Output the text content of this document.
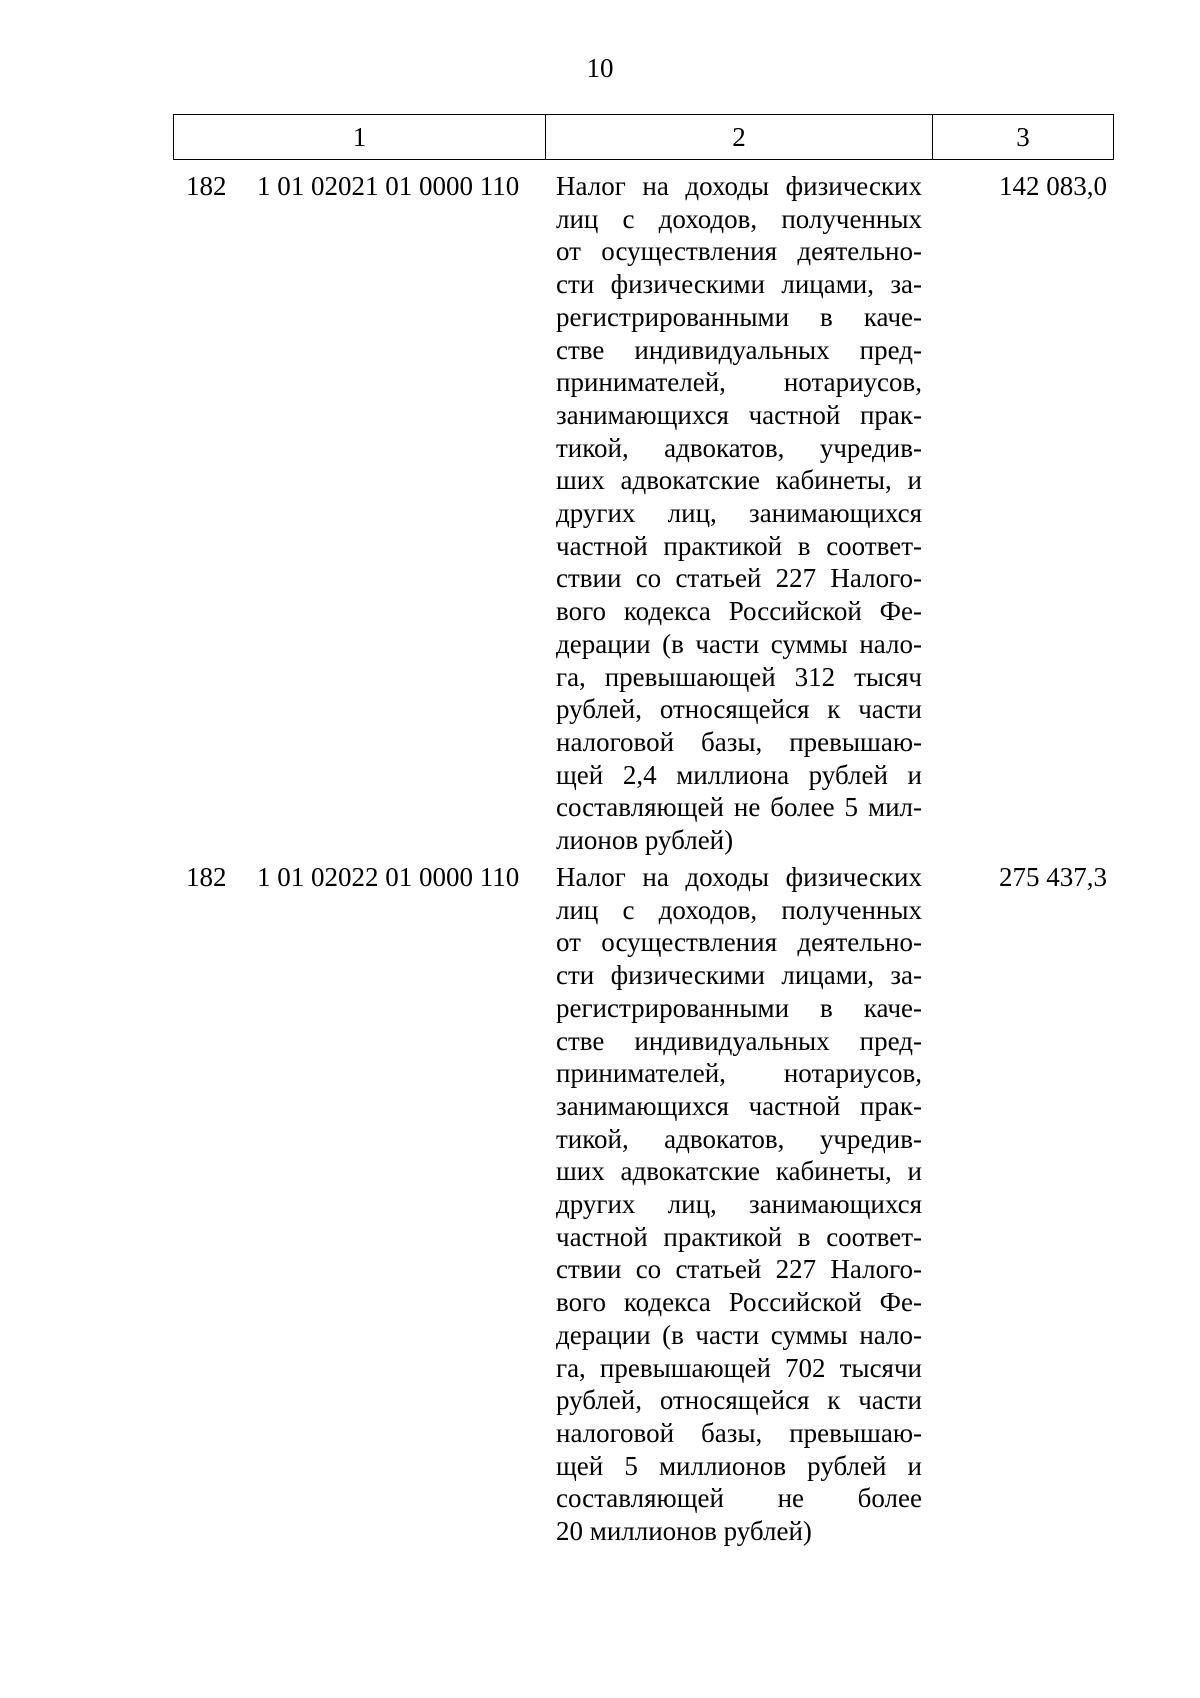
10
1	2	3
182 1 01 02021 01 0000 110 Налог на доходы физических
лиц с доходов, полученных
от осуществления деятельно-
сти физическими лицами, за-
регистрированными в каче-
стве индивидуальных пред-
принимателей, нотариусов,
занимающихся частной прак-
тикой, адвокатов, учредив-
ших адвокатские кабинеты, и
других лиц, занимающихся
частной практикой в соответ-
ствии со статьей 227 Налого-
вого кодекса Российской Фе-
дерации (в части суммы нало-
га, превышающей 312 тысяч
рублей, относящейся к части
налоговой базы, превышаю-
щей 2,4 миллиона рублей и
составляющей не более 5 мил-
лионов рублей)
142 083,0
182 1 01 02022 01 0000 110 Налог на доходы физических
лиц с доходов, полученных
от осуществления деятельно-
сти физическими лицами, за-
регистрированными в каче-
стве индивидуальных пред-
принимателей, нотариусов,
занимающихся частной прак-
тикой, адвокатов, учредив-
ших адвокатские кабинеты, и
других лиц, занимающихся
частной практикой в соответ-
ствии со статьей 227 Налого-
вого кодекса Российской Фе-
дерации (в части суммы нало-
га, превышающей 702 тысячи
рублей, относящейся к части
налоговой базы, превышаю-
щей 5 миллионов рублей и
составляющей не более
20 миллионов рублей)
275 437,3
